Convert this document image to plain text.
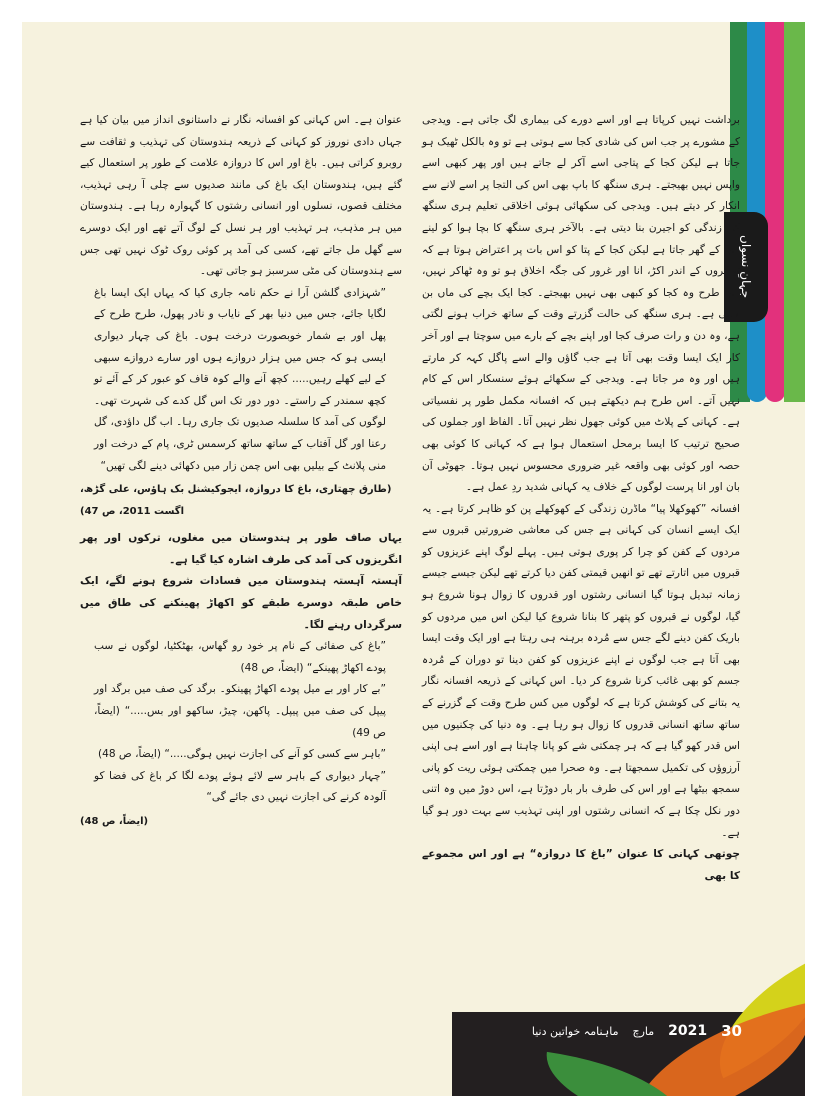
جہانِ نسواں

برداشت نہیں کرپاتا ہے اور اسے دورے کی بیماری لگ جاتی ہے۔ ویدجی کے مشورے پر جب اس کی شادی کجا سے ہوتی ہے تو وہ بالکل ٹھیک ہو جاتا ہے لیکن کجا کے پتاجی اسے آکر لے جاتے ہیں اور پھر کبھی اسے واپس نہیں بھیجتے۔ ہری سنگھ کا باپ بھی اس کی التجا پر اسے لانے سے انکار کر دیتے ہیں۔ ویدجی کی سکھائی ہوئی اخلاقی تعلیم ہری سنگھ کی زندگی کو اجیرن بنا دیتی ہے۔ بالآخر ہری سنگھ کا بچا ہوا کو لینے اس کے گھر جاتا ہے لیکن کجا کے پتا کو اس بات پر اعتراض ہوتا ہے کہ ٹھاکروں کے اندر اکڑ، انا اور غرور کی جگہ اخلاق ہو تو وہ ٹھاکر نہیں، اس طرح وہ کجا کو کبھی بھی نہیں بھیجتے۔ کجا ایک بچے کی ماں بن جاتی ہے۔ ہری سنگھ کی حالت گزرتے وقت کے ساتھ خراب ہونے لگتی ہے، وہ دن و رات صرف کجا اور اپنے بچے کے بارے میں سوچتا ہے اور آخر کار ایک ایسا وقت بھی آتا ہے جب گاؤں والے اسے پاگل کہہ کر مارتے ہیں اور وہ مر جاتا ہے۔ ویدجی کے سکھائے ہوئے سنسکار اس کے کام نہیں آتے۔ اس طرح ہم دیکھتے ہیں کہ افسانہ مکمل طور پر نفسیاتی ہے۔ کہانی کے پلاٹ میں کوئی جھول نظر نہیں آتا۔ الفاظ اور جملوں کی صحیح ترتیب کا ایسا برمحل استعمال ہوا ہے کہ کہانی کا کوئی بھی حصہ اور کوئی بھی واقعہ غیر ضروری محسوس نہیں ہوتا۔ جھوٹی آن بان اور انا پرست لوگوں کے خلاف یہ کہانی شدید ردِ عمل ہے۔

افسانہ ”کھوکھلا پیا“ ماڈرن زندگی کے کھوکھلے پن کو ظاہر کرتا ہے۔ یہ ایک ایسے انسان کی کہانی ہے جس کی معاشی ضرورتیں قبروں سے مردوں کے کفن کو چرا کر پوری ہوتی ہیں۔ پہلے لوگ اپنے عزیزوں کو قبروں میں اتارتے تھے تو انھیں قیمتی کفن دیا کرتے تھے لیکن جیسے جیسے زمانہ تبدیل ہوتا گیا انسانی رشتوں اور قدروں کا زوال ہونا شروع ہو گیا، لوگوں نے قبروں کو پتھر کا بنانا شروع کیا لیکن اس میں مردوں کو باریک کفن دینے لگے جس سے مُردہ برہنہ ہی رہتا ہے اور ایک وقت ایسا بھی آتا ہے جب لوگوں نے اپنے عزیزوں کو کفن دینا تو دوران کے مُردہ جسم کو بھی غائب کرنا شروع کر دیا۔ اس کہانی کے ذریعہ افسانہ نگار یہ بتانے کی کوشش کرتا ہے کہ لوگوں میں کس طرح وقت کے گزرنے کے ساتھ ساتھ انسانی قدروں کا زوال ہو رہا ہے۔ وہ دنیا کی چکنیوں میں اس قدر کھو گیا ہے کہ ہر چمکتی شے کو پانا چاہتا ہے اور اسے ہی اپنی آرزوؤں کی تکمیل سمجھتا ہے۔ وہ صحرا میں چمکتی ہوئی ریت کو پانی سمجھ بیٹھا ہے اور اس کی طرف بار بار دوڑتا ہے، اس دوڑ میں وہ اتنی دور نکل چکا ہے کہ انسانی رشتوں اور اپنی تہذیب سے بہت دور ہو گیا ہے۔

چوتھی کہانی کا عنوان ”باغ کا دروازہ“ ہے اور اس مجموعے کا بھی

عنوان ہے۔ اس کہانی کو افسانہ نگار نے داستانوی انداز میں بیان کیا ہے جہاں دادی نوروز کو کہانی کے ذریعہ ہندوستان کی تہذیب و ثقافت سے روبرو کراتی ہیں۔ باغ اور اس کا دروازہ علامت کے طور پر استعمال کیے گئے ہیں، ہندوستان ایک باغ کی مانند صدیوں سے چلی آ رہی تہذیب، مختلف قصوں، نسلوں اور انسانی رشتوں کا گہوارہ رہا ہے۔ ہندوستان میں ہر مذہب، ہر تہذیب اور ہر نسل کے لوگ آتے تھے اور ایک دوسرے سے گھل مل جاتے تھے، کسی کی آمد پر کوئی روک ٹوک نہیں تھی جس سے ہندوستان کی مٹی سرسبز ہو جاتی تھی۔

”شہزادی گلشن آرا نے حکم نامہ جاری کیا کہ یہاں ایک ایسا باغ لگایا جائے، جس میں دنیا بھر کے نایاب و نادر پھول، طرح طرح کے پھل اور بے شمار خوبصورت درخت ہوں۔ باغ کی چہار دیواری ایسی ہو کہ جس میں ہزار دروازے ہوں اور سارے دروازے سبھی کے لیے کھلے رہیں..... کچھ آنے والے کوہ قاف کو عبور کر کے آئے تو کچھ سمندر کے راستے۔ دور دور تک اس گل کدے کی شہرت تھی۔ لوگوں کی آمد کا سلسلہ صدیوں تک جاری رہا۔ اب گل داؤدی، گل رعنا اور گل آفتاب کے ساتھ ساتھ کرسمس ٹری، پام کے درخت اور منی پلانٹ کے بیلیں بھی اس چمن زار میں دکھائی دینے لگی تھیں“

(طارق چھتاری، باغ کا دروازہ، ایجوکیشنل بک ہاؤس، علی گڑھ، اگست 2011، ص 47)

یہاں صاف طور پر ہندوستان میں مغلوں، ترکوں اور پھر انگریزوں کی آمد کی طرف اشارہ کیا گیا ہے۔

آہستہ آہستہ ہندوستان میں فسادات شروع ہونے لگے، ایک خاص طبقہ دوسرے طبقے کو اکھاڑ پھینکنے کی طاق میں سرگرداں رہنے لگا۔

”باغ کی صفائی کے نام پر خود رو گھاس، بھٹکٹیا، لوگوں نے سب پودے اکھاڑ پھینکے“ (ایضاً، ص 48)

”بے کار اور بے میل پودے اکھاڑ پھینکو۔ برگد کی صف میں برگد اور پیپل کی صف میں پیپل۔ پاکھن، چیڑ، ساکھو اور بس.....“ (ایضاً، ص 49)

”باہر سے کسی کو آنے کی اجازت نہیں ہوگی.....“ (ایضاً، ص 48)

”چہار دیواری کے باہر سے لائے ہوئے پودے لگا کر باغ کی فضا کو آلودہ کرنے کی اجازت نہیں دی جائے گی“

(ایضاً، ص 48)

30
2021
مارچ
ماہنامہ خواتین دنیا
